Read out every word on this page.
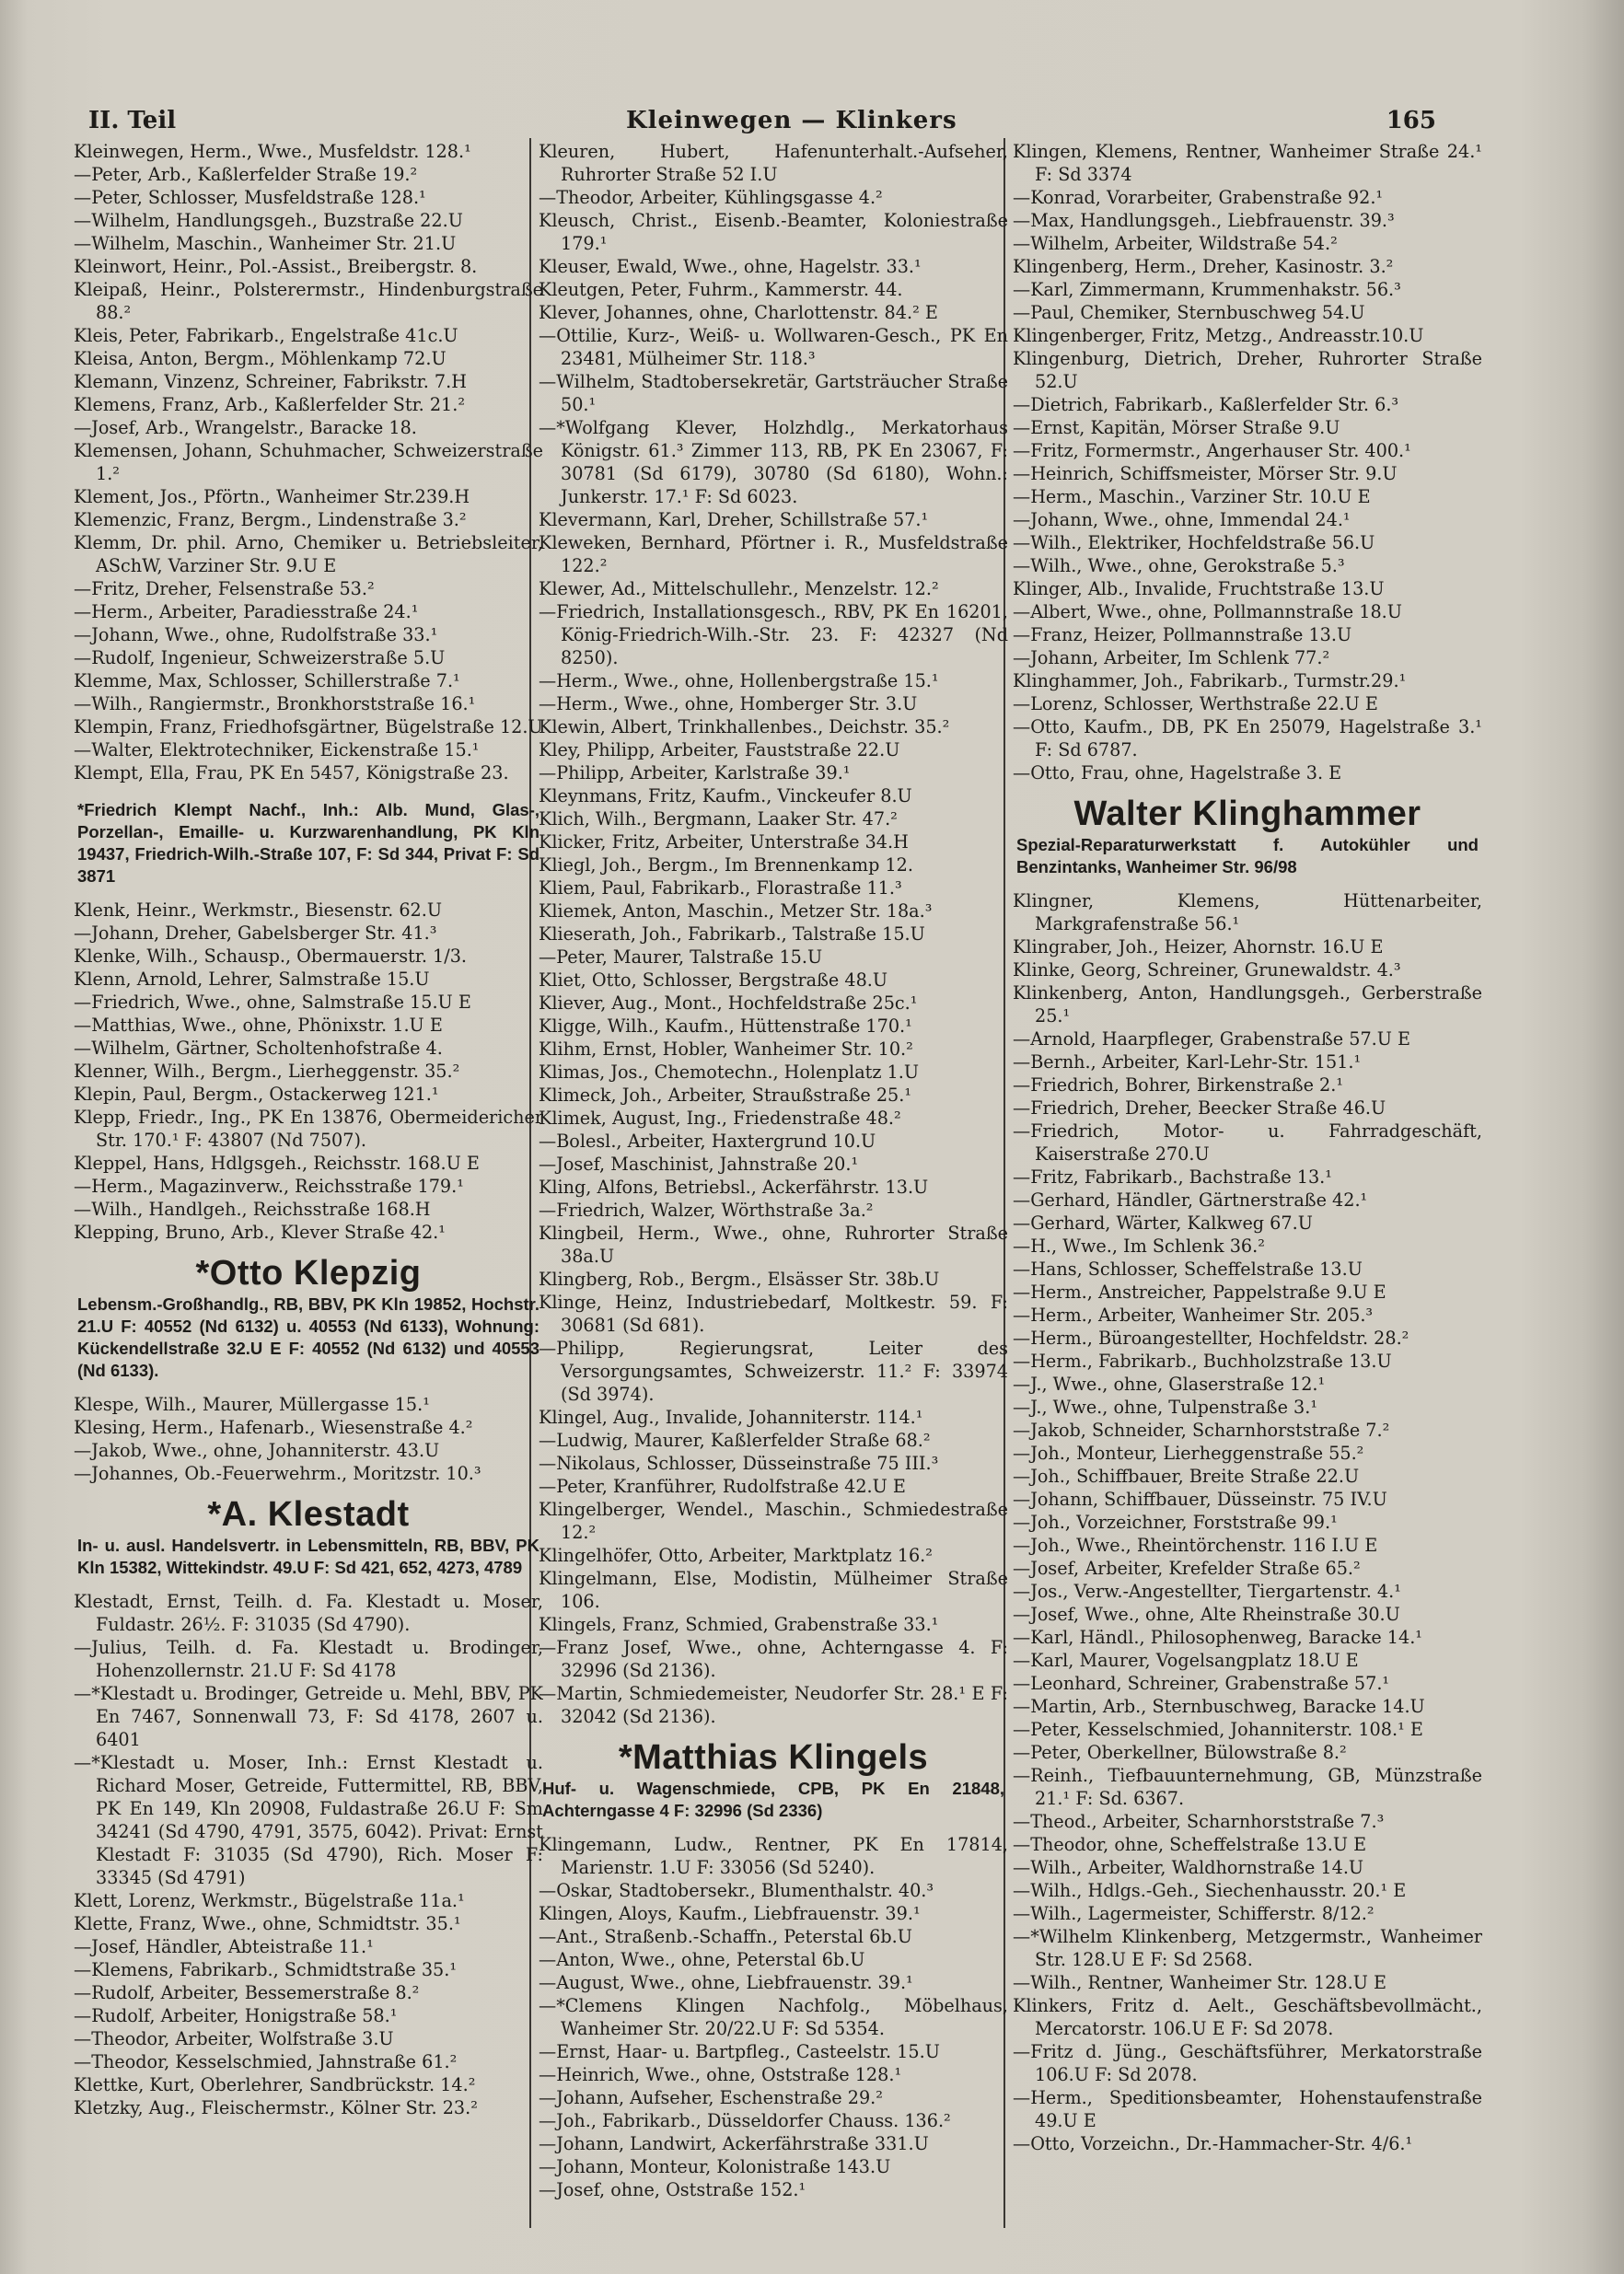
II. Teil	Kleinwegen — Klinkers	165

Kleinwegen, Herm., Wwe., Musfeldstr. 128.¹

—Peter, Arb., Kaßlerfelder Straße 19.²

—Peter, Schlosser, Musfeldstraße 128.¹

—Wilhelm, Handlungsgeh., Buzstraße 22.U

—Wilhelm, Maschin., Wanheimer Str. 21.U

Kleinwort, Heinr., Pol.-Assist., Breibergstr. 8.

Kleipaß, Heinr., Polsterermstr., Hindenburgstraße 88.²

Kleis, Peter, Fabrikarb., Engelstraße 41c.U

Kleisa, Anton, Bergm., Möhlenkamp 72.U

Klemann, Vinzenz, Schreiner, Fabrikstr. 7.H

Klemens, Franz, Arb., Kaßlerfelder Str. 21.²

—Josef, Arb., Wrangelstr., Baracke 18.

Klemensen, Johann, Schuhmacher, Schweizerstraße 1.²

Klement, Jos., Pförtn., Wanheimer Str.239.H

Klemenzic, Franz, Bergm., Lindenstraße 3.²

Klemm, Dr. phil. Arno, Chemiker u. Betriebsleiter, ASchW, Varziner Str. 9.U E

—Fritz, Dreher, Felsenstraße 53.²

—Herm., Arbeiter, Paradiesstraße 24.¹

—Johann, Wwe., ohne, Rudolfstraße 33.¹

—Rudolf, Ingenieur, Schweizerstraße 5.U

Klemme, Max, Schlosser, Schillerstraße 7.¹

—Wilh., Rangiermstr., Bronkhorststraße 16.¹

Klempin, Franz, Friedhofsgärtner, Bügelstraße 12.U

—Walter, Elektrotechniker, Eickenstraße 15.¹

Klempt, Ella, Frau, PK En 5457, Königstraße 23.

*Friedrich Klempt Nachf., Inh.: Alb. Mund, Glas-, Porzellan-, Emaille- u. Kurzwarenhandlung, PK Kln 19437, Friedrich-Wilh.-Straße 107, F: Sd 344, Privat F: Sd 3871

Klenk, Heinr., Werkmstr., Biesenstr. 62.U

—Johann, Dreher, Gabelsberger Str. 41.³

Klenke, Wilh., Schausp., Obermauerstr. 1/3.

Klenn, Arnold, Lehrer, Salmstraße 15.U

—Friedrich, Wwe., ohne, Salmstraße 15.U E

—Matthias, Wwe., ohne, Phönixstr. 1.U E

—Wilhelm, Gärtner, Scholtenhofstraße 4.

Klenner, Wilh., Bergm., Lierheggenstr. 35.²

Klepin, Paul, Bergm., Ostackerweg 121.¹

Klepp, Friedr., Ing., PK En 13876, Obermeidericher Str. 170.¹ F: 43807 (Nd 7507).

Kleppel, Hans, Hdlgsgeh., Reichsstr. 168.U E

—Herm., Magazinverw., Reichsstraße 179.¹

—Wilh., Handlgeh., Reichsstraße 168.H

Klepping, Bruno, Arb., Klever Straße 42.¹

*Otto Klepzig
Lebensm.-Großhandlg., RB, BBV, PK Kln 19852, Hochstr. 21.U F: 40552 (Nd 6132) u. 40553 (Nd 6133), Wohnung: Kückendellstraße 32.U E F: 40552 (Nd 6132) und 40553 (Nd 6133).

Klespe, Wilh., Maurer, Müllergasse 15.¹

Klesing, Herm., Hafenarb., Wiesenstraße 4.²

—Jakob, Wwe., ohne, Johanniterstr. 43.U

—Johannes, Ob.-Feuerwehrm., Moritzstr. 10.³

*A. Klestadt
In- u. ausl. Handelsvertr. in Lebensmitteln, RB, BBV, PK Kln 15382, Wittekindstr. 49.U F: Sd 421, 652, 4273, 4789

Klestadt, Ernst, Teilh. d. Fa. Klestadt u. Moser, Fuldastr. 26½. F: 31035 (Sd 4790).

—Julius, Teilh. d. Fa. Klestadt u. Brodinger, Hohenzollernstr. 21.U F: Sd 4178

—*Klestadt u. Brodinger, Getreide u. Mehl, BBV, PK En 7467, Sonnenwall 73, F: Sd 4178, 2607 u. 6401

—*Klestadt u. Moser, Inh.: Ernst Klestadt u. Richard Moser, Getreide, Futtermittel, RB, BBV, PK En 149, Kln 20908, Fuldastraße 26.U F: Sm 34241 (Sd 4790, 4791, 3575, 6042). Privat: Ernst Klestadt F: 31035 (Sd 4790), Rich. Moser F: 33345 (Sd 4791)

Klett, Lorenz, Werkmstr., Bügelstraße 11a.¹

Klette, Franz, Wwe., ohne, Schmidtstr. 35.¹

—Josef, Händler, Abteistraße 11.¹

—Klemens, Fabrikarb., Schmidtstraße 35.¹

—Rudolf, Arbeiter, Bessemerstraße 8.²

—Rudolf, Arbeiter, Honigstraße 58.¹

—Theodor, Arbeiter, Wolfstraße 3.U

—Theodor, Kesselschmied, Jahnstraße 61.²

Klettke, Kurt, Oberlehrer, Sandbrückstr. 14.²

Kletzky, Aug., Fleischermstr., Kölner Str. 23.²

Kleuren, Hubert, Hafenunterhalt.-Aufseher, Ruhrorter Straße 52 I.U

—Theodor, Arbeiter, Kühlingsgasse 4.²

Kleusch, Christ., Eisenb.-Beamter, Koloniestraße 179.¹

Kleuser, Ewald, Wwe., ohne, Hagelstr. 33.¹

Kleutgen, Peter, Fuhrm., Kammerstr. 44.

Klever, Johannes, ohne, Charlottenstr. 84.² E

—Ottilie, Kurz-, Weiß- u. Wollwaren-Gesch., PK En 23481, Mülheimer Str. 118.³

—Wilhelm, Stadtobersekretär, Gartsträucher Straße 50.¹

—*Wolfgang Klever, Holzhdlg., Merkatorhaus Königstr. 61.³ Zimmer 113, RB, PK En 23067, F: 30781 (Sd 6179), 30780 (Sd 6180), Wohn.: Junkerstr. 17.¹ F: Sd 6023.

Klevermann, Karl, Dreher, Schillstraße 57.¹

Kleweken, Bernhard, Pförtner i. R., Musfeldstraße 122.²

Klewer, Ad., Mittelschullehr., Menzelstr. 12.²

—Friedrich, Installationsgesch., RBV, PK En 16201, König-Friedrich-Wilh.-Str. 23. F: 42327 (Nd 8250).

—Herm., Wwe., ohne, Hollenbergstraße 15.¹

—Herm., Wwe., ohne, Homberger Str. 3.U

Klewin, Albert, Trinkhallenbes., Deichstr. 35.²

Kley, Philipp, Arbeiter, Fauststraße 22.U

—Philipp, Arbeiter, Karlstraße 39.¹

Kleynmans, Fritz, Kaufm., Vinckeufer 8.U

Klich, Wilh., Bergmann, Laaker Str. 47.²

Klicker, Fritz, Arbeiter, Unterstraße 34.H

Kliegl, Joh., Bergm., Im Brennenkamp 12.

Kliem, Paul, Fabrikarb., Florastraße 11.³

Kliemek, Anton, Maschin., Metzer Str. 18a.³

Klieserath, Joh., Fabrikarb., Talstraße 15.U

—Peter, Maurer, Talstraße 15.U

Kliet, Otto, Schlosser, Bergstraße 48.U

Kliever, Aug., Mont., Hochfeldstraße 25c.¹

Kligge, Wilh., Kaufm., Hüttenstraße 170.¹

Klihm, Ernst, Hobler, Wanheimer Str. 10.²

Klimas, Jos., Chemotechn., Holenplatz 1.U

Klimeck, Joh., Arbeiter, Straußstraße 25.¹

Klimek, August, Ing., Friedenstraße 48.²

—Bolesl., Arbeiter, Haxtergrund 10.U

—Josef, Maschinist, Jahnstraße 20.¹

Kling, Alfons, Betriebsl., Ackerfährstr. 13.U

—Friedrich, Walzer, Wörthstraße 3a.²

Klingbeil, Herm., Wwe., ohne, Ruhrorter Straße 38a.U

Klingberg, Rob., Bergm., Elsässer Str. 38b.U

Klinge, Heinz, Industriebedarf, Moltkestr. 59. F: 30681 (Sd 681).

—Philipp, Regierungsrat, Leiter des Versorgungsamtes, Schweizerstr. 11.² F: 33974 (Sd 3974).

Klingel, Aug., Invalide, Johanniterstr. 114.¹

—Ludwig, Maurer, Kaßlerfelder Straße 68.²

—Nikolaus, Schlosser, Düsseinstraße 75 III.³

—Peter, Kranführer, Rudolfstraße 42.U E

Klingelberger, Wendel., Maschin., Schmiedestraße 12.²

Klingelhöfer, Otto, Arbeiter, Marktplatz 16.²

Klingelmann, Else, Modistin, Mülheimer Straße 106.

Klingels, Franz, Schmied, Grabenstraße 33.¹

—Franz Josef, Wwe., ohne, Achterngasse 4. F: 32996 (Sd 2136).

—Martin, Schmiedemeister, Neudorfer Str. 28.¹ E F: 32042 (Sd 2136).

*Matthias Klingels
Huf- u. Wagenschmiede, CPB, PK En 21848, Achterngasse 4 F: 32996 (Sd 2336)

Klingemann, Ludw., Rentner, PK En 17814, Marienstr. 1.U F: 33056 (Sd 5240).

—Oskar, Stadtobersekr., Blumenthalstr. 40.³

Klingen, Aloys, Kaufm., Liebfrauenstr. 39.¹

—Ant., Straßenb.-Schaffn., Peterstal 6b.U

—Anton, Wwe., ohne, Peterstal 6b.U

—August, Wwe., ohne, Liebfrauenstr. 39.¹

—*Clemens Klingen Nachfolg., Möbelhaus, Wanheimer Str. 20/22.U F: Sd 5354.

—Ernst, Haar- u. Bartpfleg., Casteelstr. 15.U

—Heinrich, Wwe., ohne, Oststraße 128.¹

—Johann, Aufseher, Eschenstraße 29.²

—Joh., Fabrikarb., Düsseldorfer Chauss. 136.²

—Johann, Landwirt, Ackerfährstraße 331.U

—Johann, Monteur, Kolonistraße 143.U

—Josef, ohne, Oststraße 152.¹

Klingen, Klemens, Rentner, Wanheimer Straße 24.¹ F: Sd 3374

—Konrad, Vorarbeiter, Grabenstraße 92.¹

—Max, Handlungsgeh., Liebfrauenstr. 39.³

—Wilhelm, Arbeiter, Wildstraße 54.²

Klingenberg, Herm., Dreher, Kasinostr. 3.²

—Karl, Zimmermann, Krummenhakstr. 56.³

—Paul, Chemiker, Sternbuschweg 54.U

Klingenberger, Fritz, Metzg., Andreasstr.10.U

Klingenburg, Dietrich, Dreher, Ruhrorter Straße 52.U

—Dietrich, Fabrikarb., Kaßlerfelder Str. 6.³

—Ernst, Kapitän, Mörser Straße 9.U

—Fritz, Formermstr., Angerhauser Str. 400.¹

—Heinrich, Schiffsmeister, Mörser Str. 9.U

—Herm., Maschin., Varziner Str. 10.U E

—Johann, Wwe., ohne, Immendal 24.¹

—Wilh., Elektriker, Hochfeldstraße 56.U

—Wilh., Wwe., ohne, Gerokstraße 5.³

Klinger, Alb., Invalide, Fruchtstraße 13.U

—Albert, Wwe., ohne, Pollmannstraße 18.U

—Franz, Heizer, Pollmannstraße 13.U

—Johann, Arbeiter, Im Schlenk 77.²

Klinghammer, Joh., Fabrikarb., Turmstr.29.¹

—Lorenz, Schlosser, Werthstraße 22.U E

—Otto, Kaufm., DB, PK En 25079, Hagelstraße 3.¹ F: Sd 6787.

—Otto, Frau, ohne, Hagelstraße 3. E

Walter Klinghammer
Spezial-Reparaturwerkstatt f. Autokühler und Benzintanks, Wanheimer Str. 96/98

Klingner, Klemens, Hüttenarbeiter, Markgrafenstraße 56.¹

Klingraber, Joh., Heizer, Ahornstr. 16.U E

Klinke, Georg, Schreiner, Grunewaldstr. 4.³

Klinkenberg, Anton, Handlungsgeh., Gerberstraße 25.¹

—Arnold, Haarpfleger, Grabenstraße 57.U E

—Bernh., Arbeiter, Karl-Lehr-Str. 151.¹

—Friedrich, Bohrer, Birkenstraße 2.¹

—Friedrich, Dreher, Beecker Straße 46.U

—Friedrich, Motor- u. Fahrradgeschäft, Kaiserstraße 270.U

—Fritz, Fabrikarb., Bachstraße 13.¹

—Gerhard, Händler, Gärtnerstraße 42.¹

—Gerhard, Wärter, Kalkweg 67.U

—H., Wwe., Im Schlenk 36.²

—Hans, Schlosser, Scheffelstraße 13.U

—Herm., Anstreicher, Pappelstraße 9.U E

—Herm., Arbeiter, Wanheimer Str. 205.³

—Herm., Büroangestellter, Hochfeldstr. 28.²

—Herm., Fabrikarb., Buchholzstraße 13.U

—J., Wwe., ohne, Glaserstraße 12.¹

—J., Wwe., ohne, Tulpenstraße 3.¹

—Jakob, Schneider, Scharnhorststraße 7.²

—Joh., Monteur, Lierheggenstraße 55.²

—Joh., Schiffbauer, Breite Straße 22.U

—Johann, Schiffbauer, Düsseinstr. 75 IV.U

—Joh., Vorzeichner, Forststraße 99.¹

—Joh., Wwe., Rheintörchenstr. 116 I.U E

—Josef, Arbeiter, Krefelder Straße 65.²

—Jos., Verw.-Angestellter, Tiergartenstr. 4.¹

—Josef, Wwe., ohne, Alte Rheinstraße 30.U

—Karl, Händl., Philosophenweg, Baracke 14.¹

—Karl, Maurer, Vogelsangplatz 18.U E

—Leonhard, Schreiner, Grabenstraße 57.¹

—Martin, Arb., Sternbuschweg, Baracke 14.U

—Peter, Kesselschmied, Johanniterstr. 108.¹ E

—Peter, Oberkellner, Bülowstraße 8.²

—Reinh., Tiefbauunternehmung, GB, Münzstraße 21.¹ F: Sd. 6367.

—Theod., Arbeiter, Scharnhorststraße 7.³

—Theodor, ohne, Scheffelstraße 13.U E

—Wilh., Arbeiter, Waldhornstraße 14.U

—Wilh., Hdlgs.-Geh., Siechenhausstr. 20.¹ E

—Wilh., Lagermeister, Schifferstr. 8/12.²

—*Wilhelm Klinkenberg, Metzgermstr., Wanheimer Str. 128.U E F: Sd 2568.

—Wilh., Rentner, Wanheimer Str. 128.U E

Klinkers, Fritz d. Aelt., Geschäftsbevollmächt., Mercatorstr. 106.U E F: Sd 2078.

—Fritz d. Jüng., Geschäftsführer, Merkatorstraße 106.U F: Sd 2078.

—Herm., Speditionsbeamter, Hohenstaufenstraße 49.U E

—Otto, Vorzeichn., Dr.-Hammacher-Str. 4/6.¹
